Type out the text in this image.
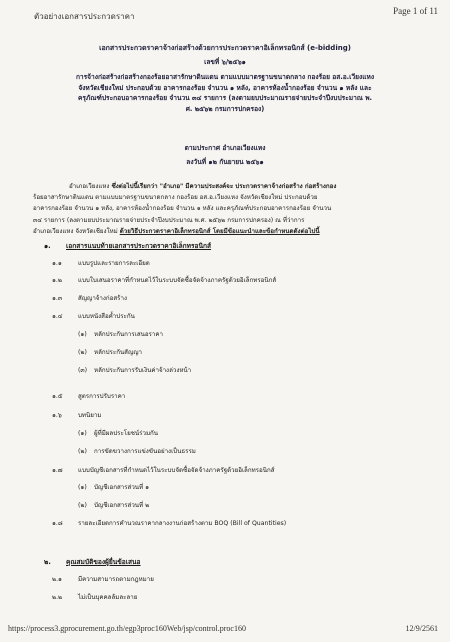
ตัวอย่างเอกสารประกวดราคา
Page 1 of 11
เอกสารประกวดราคาจ้างก่อสร้างด้วยการประกวดราคาอิเล็กทรอนิกส์ (e-bidding)
เลขที่ ๖/๒๕๖๑
การจ้างก่อสร้างก่อสร้างกองร้อยอาสารักษาดินแดน ตามแบบมาตรฐานขนาดกลาง กองร้อย อส.อ.เวียงแหง
จังหวัดเชียงใหม่ ประกอบด้วย อาคารกองร้อย จำนวน ๑ หลัง, อาคารห้องน้ำกองร้อย จำนวน ๑ หลัง และ
ครุภัณฑ์ประกอบอาคารกองร้อย จำนวน ๓๔ รายการ (ลงตามยบประมาณรายจ่ายประจำปีงบประมาณ พ.
ศ. ๒๕๖๒ กรมการปกครอง)
ตามประกาศ อำเภอเวียงแหง
ลงวันที่ ๑๒ กันยายน ๒๕๖๑
อำเภอเวียงแหง ซึ่งต่อไปนี้เรียกว่า "อำเภอ" มีความประสงค์จะ ประกวดราคาจ้างก่อสร้าง ก่อสร้างกอง
ร้อยอาสารักษาดินแดน ตามแบบมาตรฐานขนาดกลาง กองร้อย อส.อ.เวียงแหง จังหวัดเชียงใหม่ ประกอบด้วย
อาคารกองร้อย จำนวน ๑ หลัง, อาคารห้องน้ำกองร้อย จำนวน ๑ หลัง และครุภัณฑ์ประกอบอาคารกองร้อย จำนวน
๓๔ รายการ (ลงตามยบประมาณรายจ่ายประจำปีงบประมาณ พ.ศ. ๒๕๖๒ กรมการปกครอง) ณ ที่ว่าการ
อำเภอเวียงแหง จังหวัดเชียงใหม่ ด้วยวิธีประกวดราคาอิเล็กทรอนิกส์ โดยมีข้อแนะนำและข้อกำหนดดังต่อไปนี้
๑. เอกสารแนบท้ายเอกสารประกวดราคาอิเล็กทรอนิกส์
๑.๑	แบบรูปและรายการละเอียด
๑.๒	แบบใบเสนอราคาที่กำหนดไว้ในระบบจัดซื้อจัดจ้างภาครัฐด้วยอิเล็กทรอนิกส์
๑.๓	สัญญาจ้างก่อสร้าง
๑.๔ แบบหนังสือค้ำประกัน
(๑) หลักประกันการเสนอราคา
(๒) หลักประกันสัญญา
(๓) หลักประกันการรับเงินค่าจ้างล่วงหน้า
๑.๕ สูตรการปรับราคา
๑.๖	บทนิยาม
(๑) ผู้ที่มีผลประโยชน์ร่วมกัน
(๒) การขัดขวางการแข่งขันอย่างเป็นธรรม
๑.๗ แบบบัญชีเอกสารที่กำหนดไว้ในระบบจัดซื้อจัดจ้างภาครัฐด้วยอิเล็กทรอนิกส์
(๑) บัญชีเอกสารส่วนที่ ๑
(๒) บัญชีเอกสารส่วนที่ ๒
๑.๘ รายละเอียดการคำนวณราคากลางงานก่อสร้างตาม BOQ (Bill of Quantities)
๒. คุณสมบัติของผู้ยื่นข้อเสนอ
๒.๑	มีความสามารถตามกฎหมาย
๒.๒	ไม่เป็นบุคคลล้มละลาย
https://process3.gprocurement.go.th/egp3proc160Web/jsp/control.proc160	12/9/2561
